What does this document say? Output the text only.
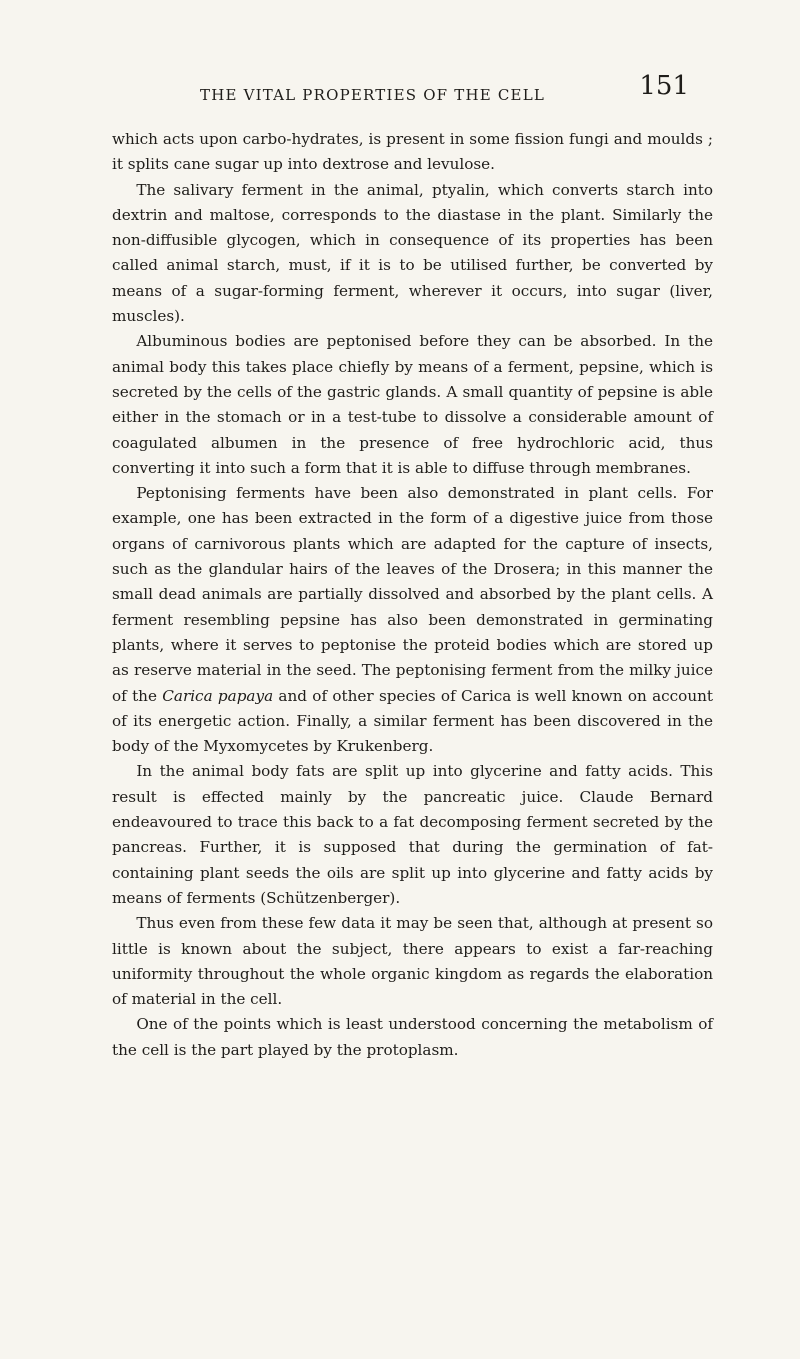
THE VITAL PROPERTIES OF THE CELL	151

which acts upon carbo-hydrates, is present in some fission fungi and moulds ; it splits cane sugar up into dextrose and levulose.

The salivary ferment in the animal, ptyalin, which converts starch into dextrin and maltose, corresponds to the diastase in the plant. Similarly the non-diffusible glycogen, which in consequence of its properties has been called animal starch, must, if it is to be utilised further, be converted by means of a sugar-forming ferment, wherever it occurs, into sugar (liver, muscles).

Albuminous bodies are peptonised before they can be absorbed. In the animal body this takes place chiefly by means of a ferment, pepsine, which is secreted by the cells of the gastric glands. A small quantity of pepsine is able either in the stomach or in a test-tube to dissolve a considerable amount of coagulated albumen in the presence of free hydrochloric acid, thus converting it into such a form that it is able to diffuse through membranes.

Peptonising ferments have been also demonstrated in plant cells. For example, one has been extracted in the form of a digestive juice from those organs of carnivorous plants which are adapted for the capture of insects, such as the glandular hairs of the leaves of the Drosera; in this manner the small dead animals are partially dissolved and absorbed by the plant cells. A ferment resembling pepsine has also been demonstrated in germinating plants, where it serves to peptonise the proteid bodies which are stored up as reserve material in the seed. The peptonising ferment from the milky juice of the Carica papaya and of other species of Carica is well known on account of its energetic action. Finally, a similar ferment has been discovered in the body of the Myxomycetes by Krukenberg.

In the animal body fats are split up into glycerine and fatty acids. This result is effected mainly by the pancreatic juice. Claude Bernard endeavoured to trace this back to a fat decomposing ferment secreted by the pancreas. Further, it is supposed that during the germination of fat-containing plant seeds the oils are split up into glycerine and fatty acids by means of ferments (Schützenberger).

Thus even from these few data it may be seen that, although at present so little is known about the subject, there appears to exist a far-reaching uniformity throughout the whole organic kingdom as regards the elaboration of material in the cell.

One of the points which is least understood concerning the metabolism of the cell is the part played by the protoplasm.
